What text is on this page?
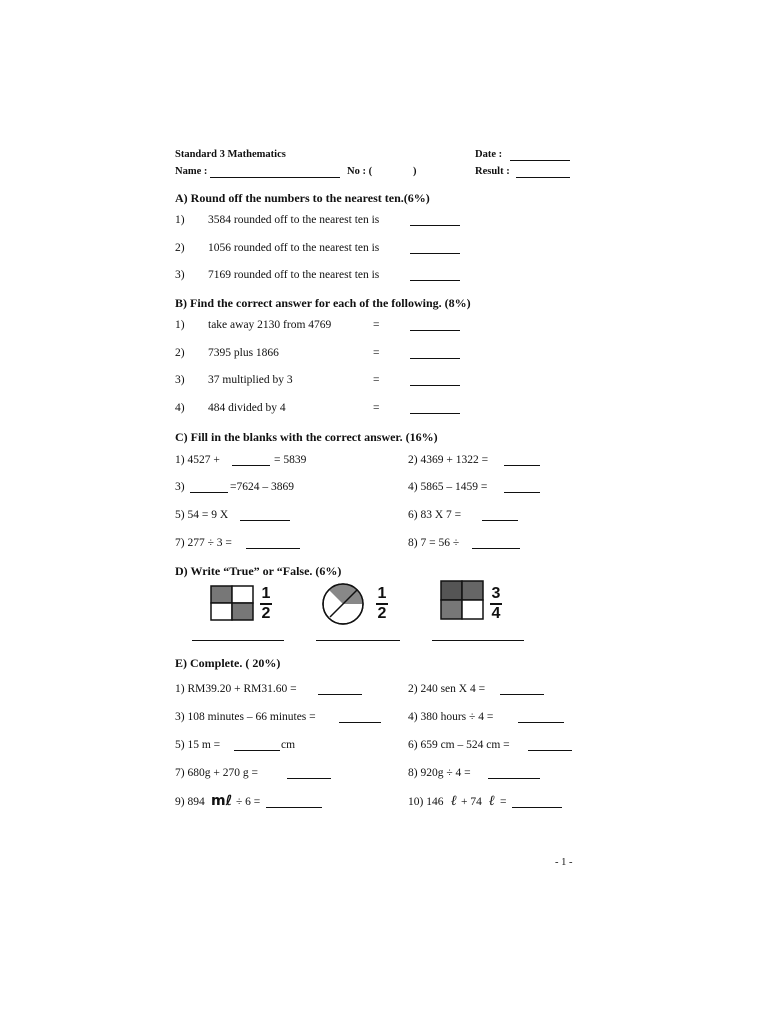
Standard 3 Mathematics	Date :
Name :	No : (	)	Result :
A) Round off the numbers to the nearest ten.(6%)
1) 3584 rounded off to the nearest ten is
2) 1056 rounded off to the nearest ten is
3) 7169 rounded off to the nearest ten is
B) Find the correct answer for each of the following. (8%)
1) take away 2130 from 4769	=
2) 7395 plus 1866	=
3) 37 multiplied by 3	=
4) 484 divided by 4	=
C) Fill in the blanks with the correct answer. (16%)
1) 4527 +	= 5839	2) 4369 + 1322 =
3)	=7624 – 3869	4) 5865 – 1459 =
5) 54 = 9 X	6) 83 X 7 =
7) 277 ÷ 3 =	8) 7 = 56 ÷
D) Write “True” or “False. (6%)
1
2
1
2
3
4
E) Complete. ( 20%)
1) RM39.20 + RM31.60 =	2) 240 sen X 4 =
3) 108 minutes – 66 minutes =	4) 380 hours ÷ 4 =
5) 15 m =	cm	6) 659 cm – 524 cm =
7) 680g + 270 g =	8) 920g ÷ 4 =
9) 894 mℓ ÷ 6 =	10) 146 ℓ + 74 ℓ =
- 1 -
